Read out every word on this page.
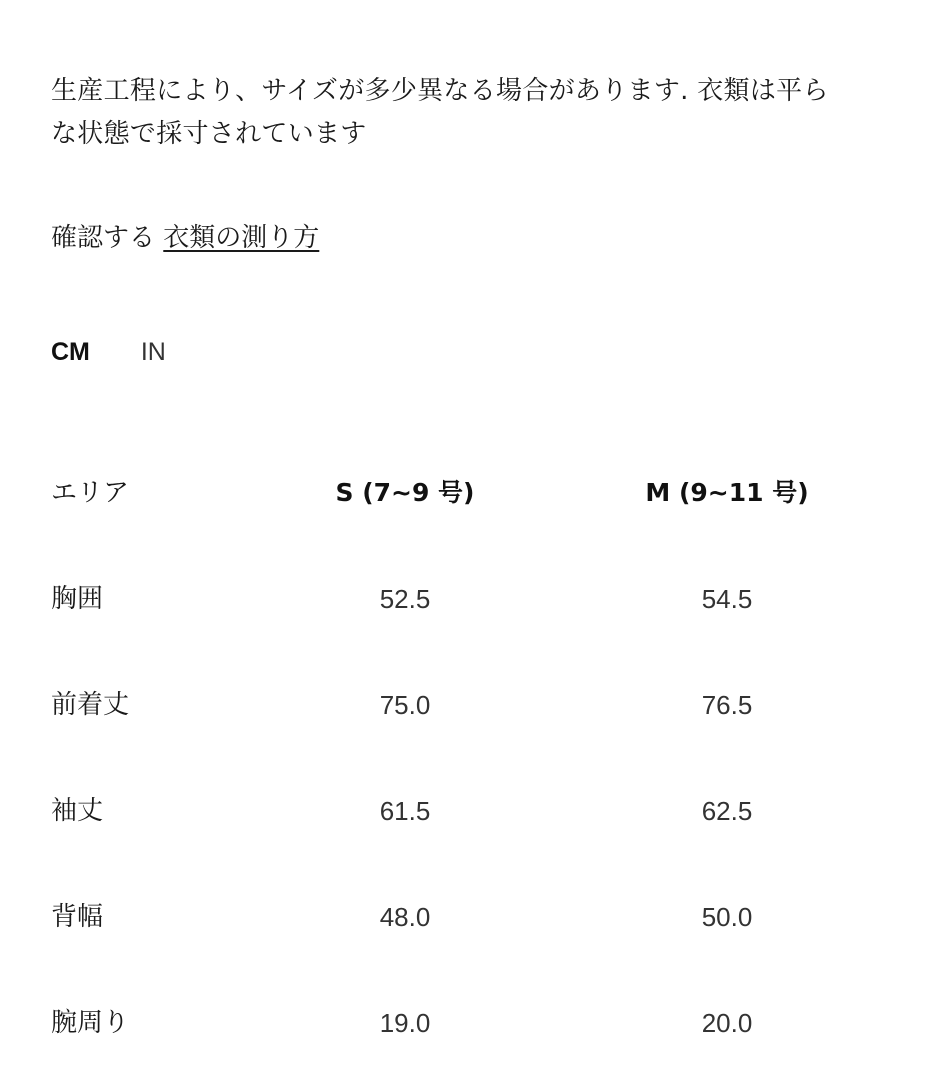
生産工程により、サイズが多少異なる場合があります. 衣類は平ら
な状態で採寸されています

確認する 衣類の測り方
CM IN
エリア	S (7~9 号)	M (9~11 号)
胸囲	52.5	54.5
前着丈	75.0	76.5
袖丈	61.5	62.5
背幅	48.0	50.0
腕周り	19.0	20.0
